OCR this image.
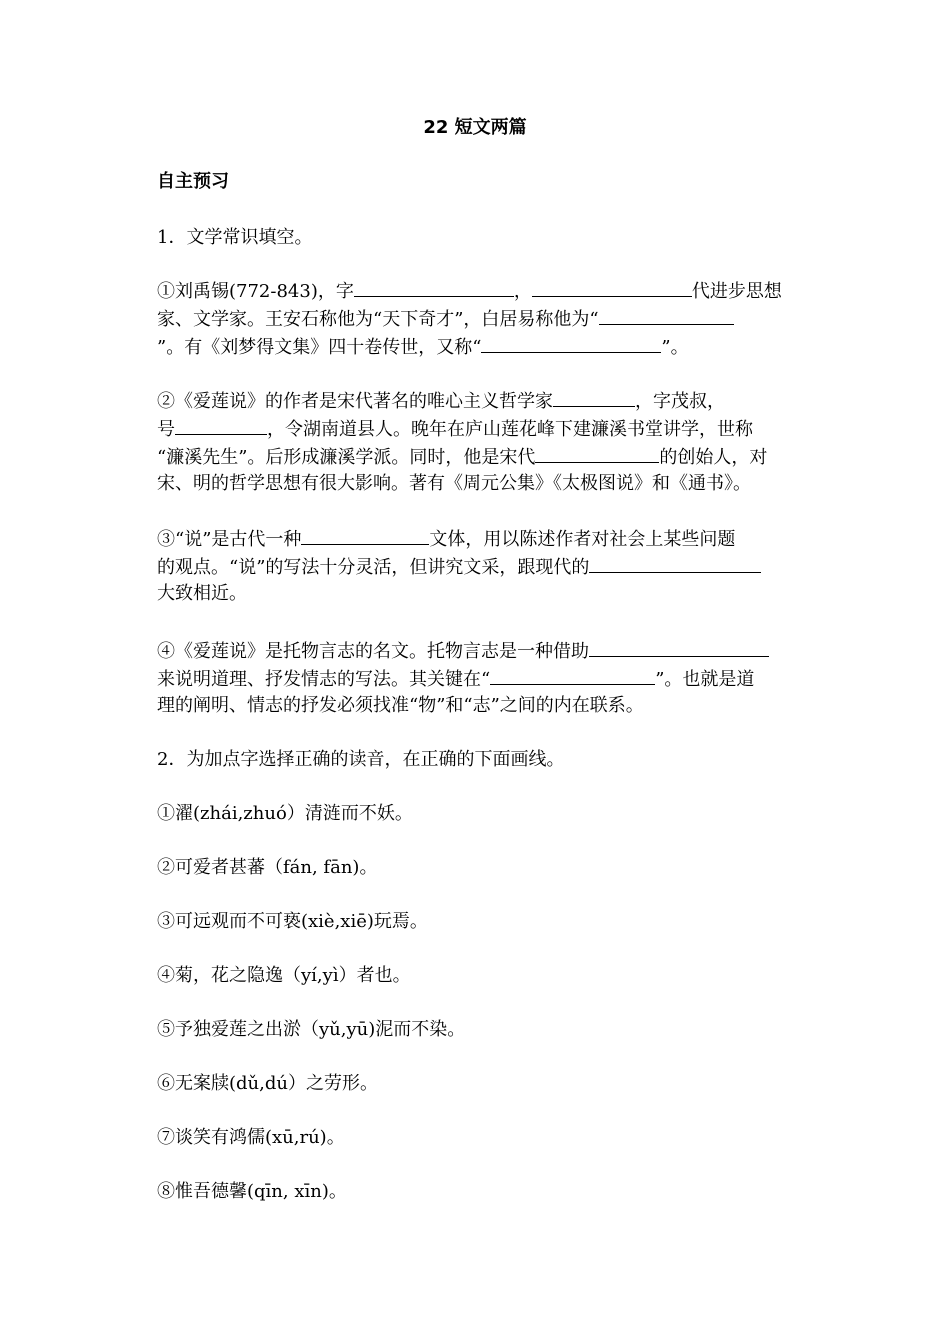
22 短文两篇
自主预习
1．文学常识填空。
①刘禹锡(772-843)，字	，	代进步思想
家、文学家。王安石称他为“天下奇才”，白居易称他为“
”。有《刘梦得文集》四十卷传世，又称“	”。
②《爱莲说》的作者是宋代著名的唯心主义哲学家	，字茂叔，
号	，令湖南道县人。晚年在庐山莲花峰下建濂溪书堂讲学，世称
“濂溪先生”。后形成濂溪学派。同时，他是宋代	的创始人，对
宋、明的哲学思想有很大影响。著有《周元公集》《太极图说》和《通书》。
③“说”是古代一种	文体，用以陈述作者对社会上某些问题
的观点。“说”的写法十分灵活，但讲究文采，跟现代的
大致相近。
④《爱莲说》是托物言志的名文。托物言志是一种借助
来说明道理、抒发情志的写法。其关键在“	”。也就是道
理的阐明、情志的抒发必须找准“物”和“志”之间的内在联系。
2．为加点字选择正确的读音，在正确的下面画线。
①濯(zhái,zhuó）清涟而不妖。
②可爱者甚蕃（fán, fān)。
③可远观而不可亵(xiè,xiē)玩焉。
④菊，花之隐逸（yí,yì）者也。
⑤予独爱莲之出淤（yǔ,yū)泥而不染。
⑥无案牍(dǔ,dú）之劳形。
⑦谈笑有鸿儒(xū,rú)。
⑧惟吾德馨(qīn, xīn)。
